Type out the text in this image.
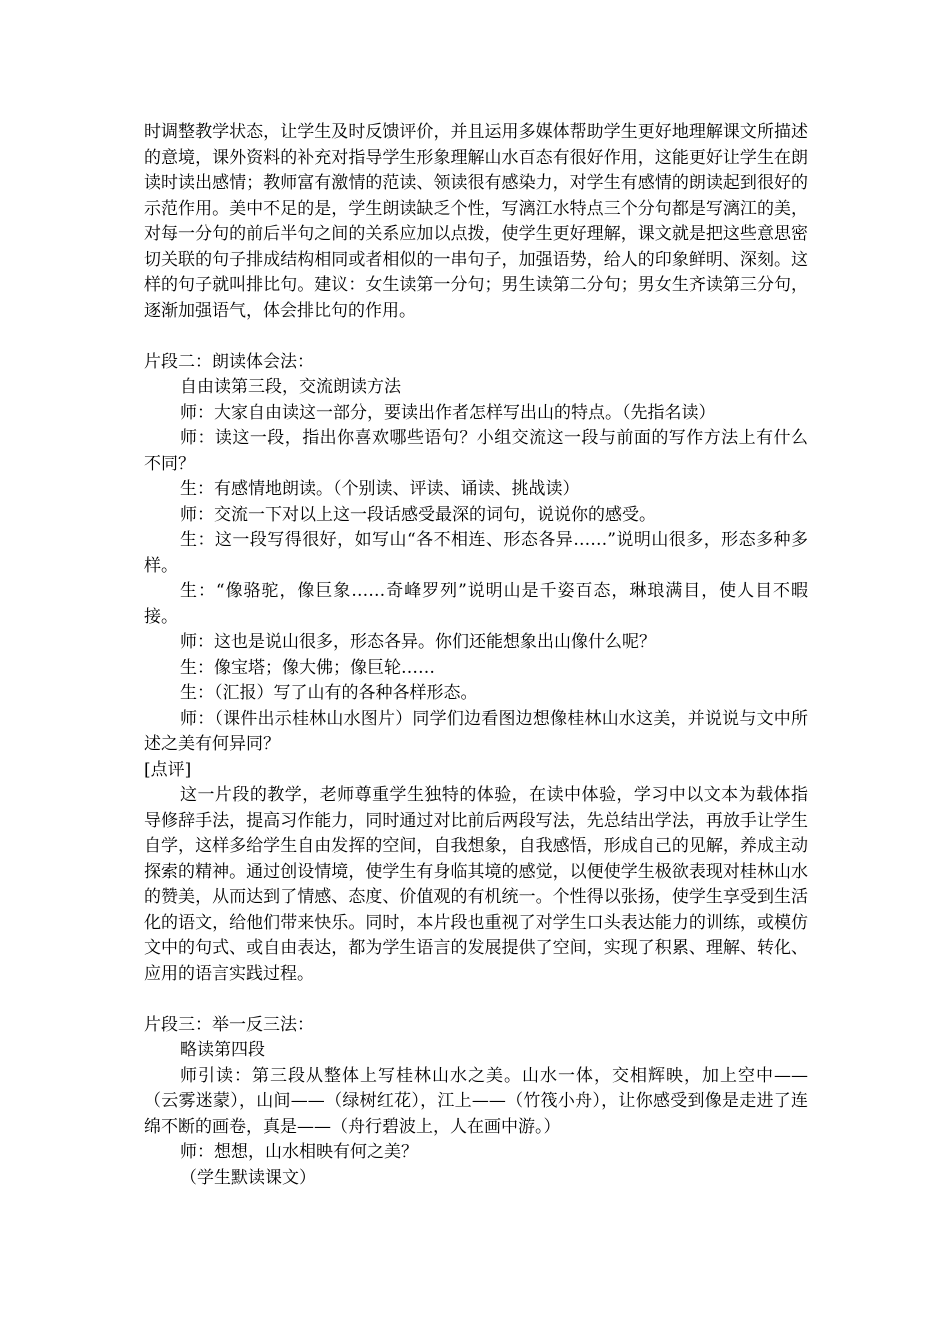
时调整教学状态，让学生及时反馈评价，并且运用多媒体帮助学生更好地理解课文所描述的意境，课外资料的补充对指导学生形象理解山水百态有很好作用，这能更好让学生在朗读时读出感情；教师富有激情的范读、领读很有感染力，对学生有感情的朗读起到很好的示范作用。美中不足的是，学生朗读缺乏个性，写漓江水特点三个分句都是写漓江的美，对每一分句的前后半句之间的关系应加以点拨，使学生更好理解，课文就是把这些意思密切关联的句子排成结构相同或者相似的一串句子，加强语势，给人的印象鲜明、深刻。这样的句子就叫排比句。建议：女生读第一分句；男生读第二分句；男女生齐读第三分句，逐渐加强语气，体会排比句的作用。

片段二：朗读体会法：

自由读第三段，交流朗读方法

师：大家自由读这一部分，要读出作者怎样写出山的特点。（先指名读）

师：读这一段，指出你喜欢哪些语句？小组交流这一段与前面的写作方法上有什么不同？

生：有感情地朗读。（个别读、评读、诵读、挑战读）

师：交流一下对以上这一段话感受最深的词句，说说你的感受。

生：这一段写得很好，如写山“各不相连、形态各异……”说明山很多，形态多种多样。

生：“像骆驼，像巨象……奇峰罗列”说明山是千姿百态，琳琅满目，使人目不暇接。

师：这也是说山很多，形态各异。你们还能想象出山像什么呢？

生：像宝塔；像大佛；像巨轮……

生：（汇报）写了山有的各种各样形态。

师：（课件出示桂林山水图片）同学们边看图边想像桂林山水这美，并说说与文中所述之美有何异同？

[点评]

这一片段的教学，老师尊重学生独特的体验，在读中体验，学习中以文本为载体指导修辞手法，提高习作能力，同时通过对比前后两段写法，先总结出学法，再放手让学生自学，这样多给学生自由发挥的空间，自我想象，自我感悟，形成自己的见解，养成主动探索的精神。通过创设情境，使学生有身临其境的感觉，以便使学生极欲表现对桂林山水的赞美，从而达到了情感、态度、价值观的有机统一。个性得以张扬，使学生享受到生活化的语文，给他们带来快乐。同时，本片段也重视了对学生口头表达能力的训练，或模仿文中的句式、或自由表达，都为学生语言的发展提供了空间，实现了积累、理解、转化、应用的语言实践过程。

片段三：举一反三法：

略读第四段

师引读：第三段从整体上写桂林山水之美。山水一体，交相辉映，加上空中——（云雾迷蒙），山间——（绿树红花），江上——（竹筏小舟），让你感受到像是走进了连绵不断的画卷，真是——（舟行碧波上，人在画中游。）

师：想想，山水相映有何之美？

（学生默读课文）
